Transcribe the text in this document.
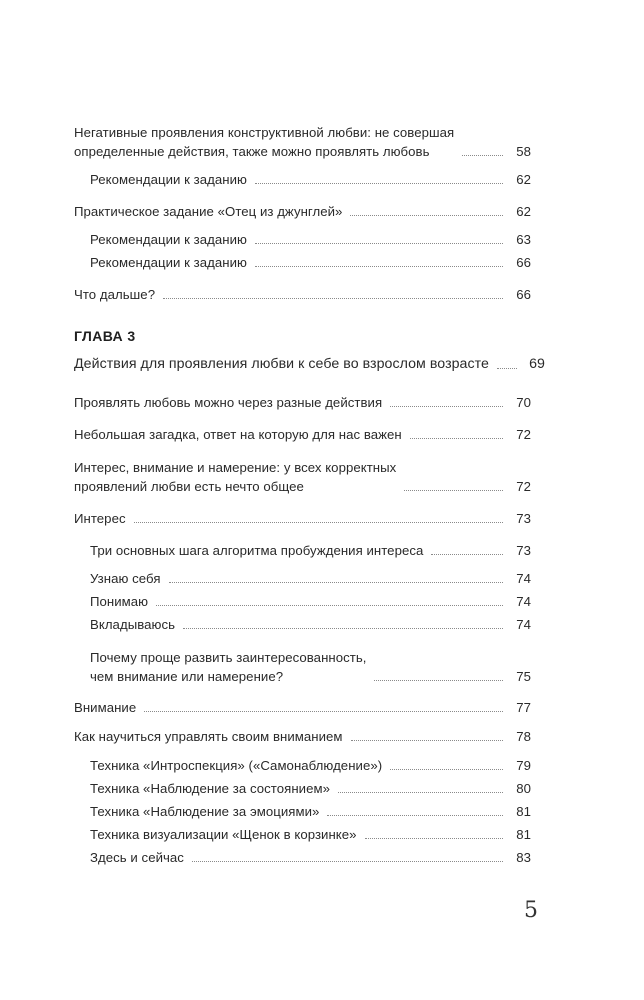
Негативные проявления конструктивной любви: не совершая
определенные действия, также можно проявлять любовь	58
Рекомендации к заданию	62
Практическое задание «Отец из джунглей»	62
Рекомендации к заданию	63
Рекомендации к заданию	66
Что дальше?	66
ГЛАВА 3
Действия для проявления любви к себе во взрослом возрасте	69
Проявлять любовь можно через разные действия	70
Небольшая загадка, ответ на которую для нас важен	72
Интерес, внимание и намерение: у всех корректных
проявлений любви есть нечто общее	72
Интерес	73
Три основных шага алгоритма пробуждения интереса	73
Узнаю себя	74
Понимаю	74
Вкладываюсь	74
Почему проще развить заинтересованность,
чем внимание или намерение?	75
Внимание	77
Как научиться управлять своим вниманием	78
Техника «Интроспекция» («Самонаблюдение»)	79
Техника «Наблюдение за состоянием»	80
Техника «Наблюдение за эмоциями»	81
Техника визуализации «Щенок в корзинке»	81
Здесь и сейчас	83
5
